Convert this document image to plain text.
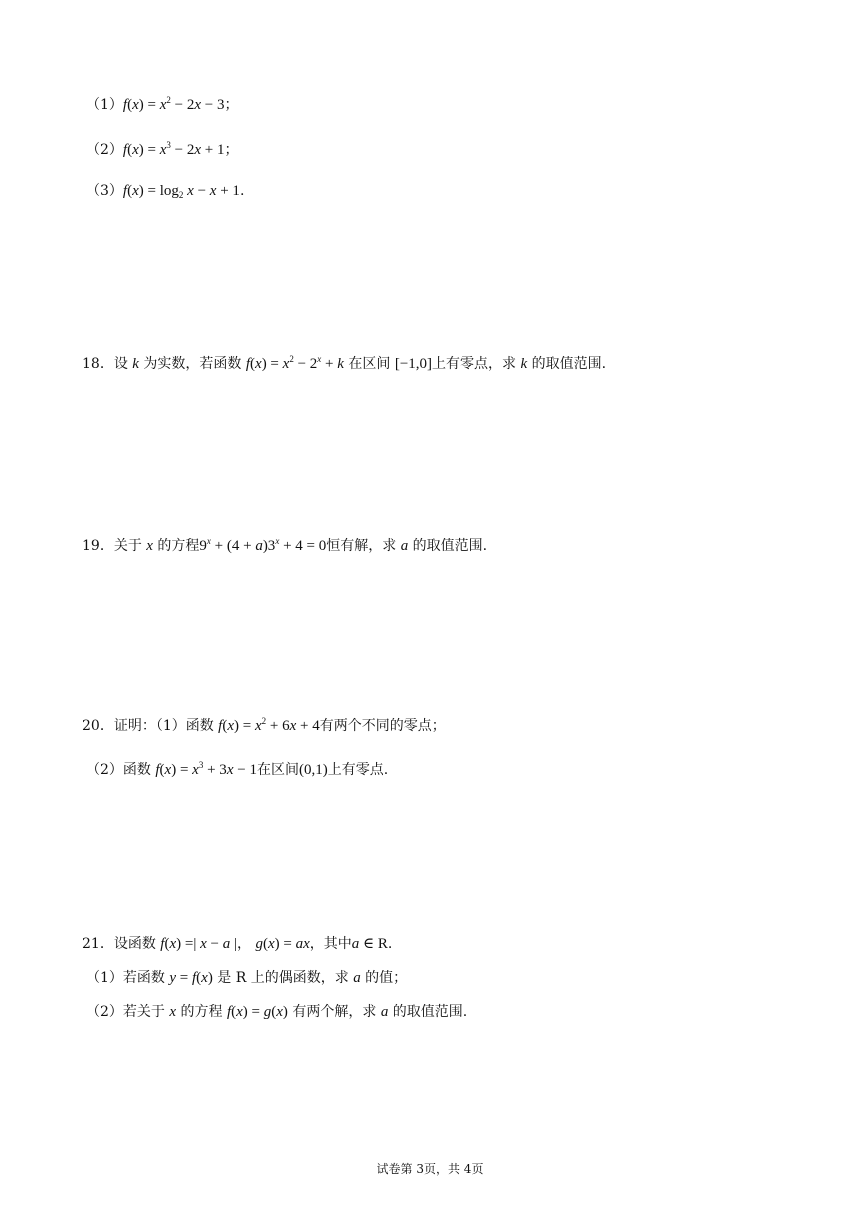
$(1)f(x) = x^2 - 2x - 3$；
$(2)f(x) = x^3 - 2x + 1$；
$(3)f(x) = \log_2 x - x + 1$.
18．设 k 为实数，若函数 $f(x) = x^2 - 2^x + k$ 在区间 [−1,0]上有零点，求 k 的取值范围.
19．关于 x 的方程$9^x + (4 + a)3^x + 4 = 0$恒有解，求 a 的取值范围.
20．证明：（1）函数 $f(x) = x^2 + 6x + 4$有两个不同的零点；
（2）函数 $f(x) = x^3 + 3x - 1$在区间(0,1)上有零点.
21．设函数 f(x) =| x − a |， g(x) = ax，其中a ∈ R.
（1）若函数 y = f(x) 是 R 上的偶函数，求 a 的值；
（2）若关于 x 的方程 f(x) = g(x) 有两个解，求 a 的取值范围.
试卷第 3页，共 4页
